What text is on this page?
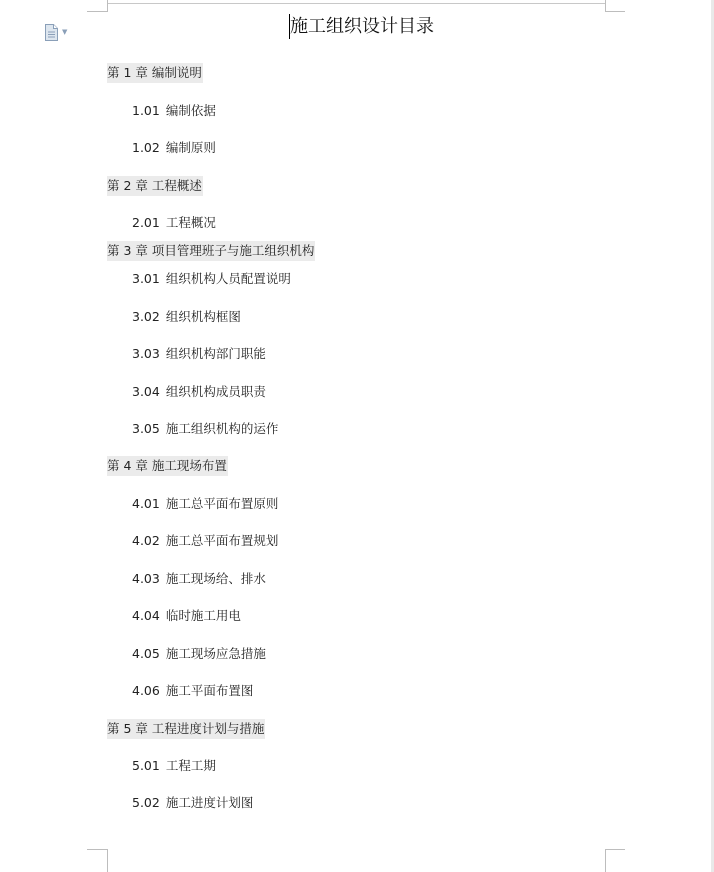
▼	施工组织设计目录
第 1 章 编制说明
1.01 编制依据
1.02 编制原则
第 2 章 工程概述
2.01 工程概况
第 3 章 项目管理班子与施工组织机构
3.01 组织机构人员配置说明
3.02 组织机构框图
3.03 组织机构部门职能
3.04 组织机构成员职责
3.05 施工组织机构的运作
第 4 章 施工现场布置
4.01 施工总平面布置原则
4.02 施工总平面布置规划
4.03 施工现场给、排水
4.04 临时施工用电
4.05 施工现场应急措施
4.06 施工平面布置图
第 5 章 工程进度计划与措施
5.01 工程工期
5.02 施工进度计划图
